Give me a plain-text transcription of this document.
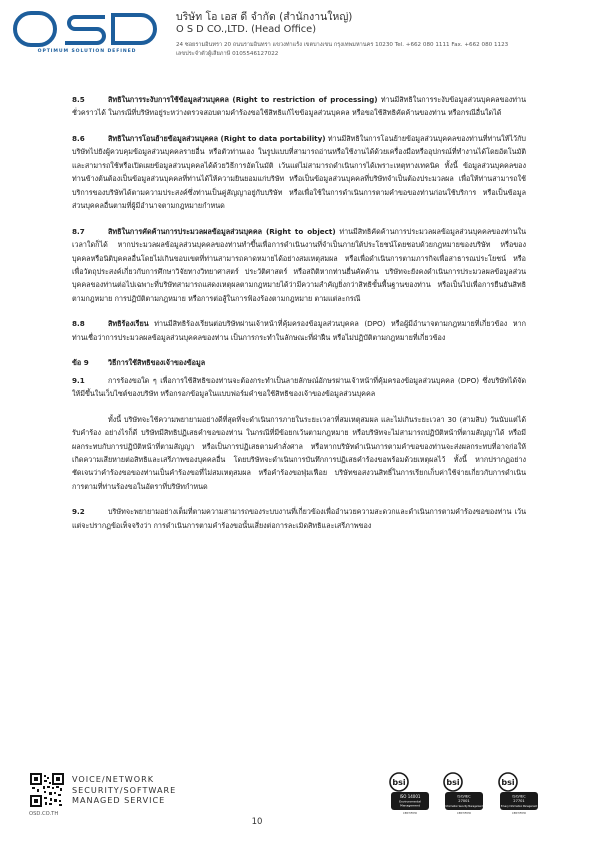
OPTIMUM SOLUTION DEFINED
บริษัท โอ เอส ดี จำกัด (สำนักงานใหญ่)
O S D CO.,LTD. (Head Office)
24 ซอยรามอินทรา 20 ถนนรามอินทรา แขวงท่าแร้ง เขตบางเขน กรุงเทพมหานคร 10230 Tel. +662 080 1111 Fax. +662 080 1123
เลขประจำตัวผู้เสียภาษี 0105546127022

8.5	สิทธิในการระงับการใช้ข้อมูลส่วนบุคคล (Right to restriction of processing) ท่านมีสิทธิในการระงับข้อมูลส่วนบุคคลของท่านชั่วคราวได้ ในกรณีที่บริษัทอยู่ระหว่างตรวจสอบตามคำร้องขอใช้สิทธิแก้ไขข้อมูลส่วนบุคคล หรือขอใช้สิทธิคัดค้านของท่าน หรือกรณีอื่นใดได้

8.6	สิทธิในการโอนย้ายข้อมูลส่วนบุคคล (Right to data portability) ท่านมีสิทธิในการโอนย้ายข้อมูลส่วนบุคคลของท่านที่ท่านให้ไว้กับบริษัทไปยังผู้ควบคุมข้อมูลส่วนบุคคลรายอื่น หรือตัวท่านเอง ในรูปแบบที่สามารถอ่านหรือใช้งานได้ด้วยเครื่องมือหรืออุปกรณ์ที่ทำงานได้โดยอัตโนมัติ และสามารถใช้หรือเปิดเผยข้อมูลส่วนบุคคลได้ด้วยวิธีการอัตโนมัติ เว้นแต่ไม่สามารถดำเนินการได้เพราะเหตุทางเทคนิค ทั้งนี้ ข้อมูลส่วนบุคคลของท่านข้างต้นต้องเป็นข้อมูลส่วนบุคคลที่ท่านได้ให้ความยินยอมแก่บริษัท หรือเป็นข้อมูลส่วนบุคคลที่บริษัทจำเป็นต้องประมวลผล เพื่อให้ท่านสามารถใช้บริการของบริษัทได้ตามความประสงค์ซึ่งท่านเป็นคู่สัญญาอยู่กับบริษัท หรือเพื่อใช้ในการดำเนินการตามคำขอของท่านก่อนใช้บริการ หรือเป็นข้อมูลส่วนบุคคลอื่นตามที่ผู้มีอำนาจตามกฎหมายกำหนด

8.7	สิทธิในการคัดค้านการประมวลผลข้อมูลส่วนบุคคล (Right to object) ท่านมีสิทธิคัดค้านการประมวลผลข้อมูลส่วนบุคคลของท่านในเวลาใดก็ได้ หากประมวลผลข้อมูลส่วนบุคคลของท่านทำขึ้นเพื่อการดำเนินงานที่จำเป็นภายใต้ประโยชน์โดยชอบด้วยกฎหมายของบริษัท หรือของบุคคลหรือนิติบุคคลอื่นโดยไม่เกินขอบเขตที่ท่านสามารถคาดหมายได้อย่างสมเหตุสมผล หรือเพื่อดำเนินการตามภารกิจเพื่อสาธารณประโยชน์ หรือเพื่อวัตถุประสงค์เกี่ยวกับการศึกษาวิจัยทางวิทยาศาสตร์ ประวัติศาสตร์ หรือสถิติหากท่านยื่นคัดค้าน บริษัทจะยังคงดำเนินการประมวลผลข้อมูลส่วนบุคคลของท่านต่อไปเฉพาะที่บริษัทสามารถแสดงเหตุผลตามกฎหมายได้ว่ามีความสำคัญยิ่งกว่าสิทธิขั้นพื้นฐานของท่าน หรือเป็นไปเพื่อการยืนยันสิทธิตามกฎหมาย การปฏิบัติตามกฎหมาย หรือการต่อสู้ในการฟ้องร้องตามกฎหมาย ตามแต่ละกรณี

8.8	สิทธิร้องเรียน ท่านมีสิทธิร้องเรียนต่อบริษัทผ่านเจ้าหน้าที่คุ้มครองข้อมูลส่วนบุคคล (DPO) หรือผู้มีอำนาจตามกฎหมายที่เกี่ยวข้อง หากท่านเชื่อว่าการประมวลผลข้อมูลส่วนบุคคลของท่าน เป็นการกระทำในลักษณะที่ฝ่าฝืน หรือไม่ปฏิบัติตามกฎหมายที่เกี่ยวข้อง

ข้อ 9	วิธีการใช้สิทธิของเจ้าของข้อมูล

9.1	การร้องขอใด ๆ เพื่อการใช้สิทธิของท่านจะต้องกระทำเป็นลายลักษณ์อักษรผ่านเจ้าหน้าที่คุ้มครองข้อมูลส่วนบุคคล (DPO) ซึ่งบริษัทได้จัดให้มีขึ้นในเว็บไซต์ของบริษัท หรือกรอกข้อมูลในแบบฟอร์มคำขอใช้สิทธิของเจ้าของข้อมูลส่วนบุคคล

ทั้งนี้ บริษัทจะใช้ความพยายามอย่างดีที่สุดที่จะดำเนินการภายในระยะเวลาที่สมเหตุสมผล และไม่เกินระยะเวลา 30 (สามสิบ) วันนับแต่ได้รับคำร้อง อย่างไรก็ดี บริษัทมีสิทธิปฏิเสธคำขอของท่าน ในกรณีที่มีข้อยกเว้นตามกฎหมาย หรือบริษัทจะไม่สามารถปฏิบัติหน้าที่ตามสัญญาได้ หรือมีผลกระทบกับการปฏิบัติหน้าที่ตามสัญญา หรือเป็นการปฏิเสธตามคำสั่งศาล หรือหากบริษัทดำเนินการตามคำขอของท่านจะส่งผลกระทบที่อาจก่อให้เกิดความเสียหายต่อสิทธิและเสรีภาพของบุคคลอื่น โดยบริษัทจะดำเนินการบันทึกการปฏิเสธคำร้องขอพร้อมด้วยเหตุผลไว้ ทั้งนี้ หากปรากฏอย่างชัดเจนว่าคำร้องขอของท่านเป็นคำร้องขอที่ไม่สมเหตุสมผล หรือคำร้องขอฟุ่มเฟือย บริษัทขอสงวนสิทธิ์ในการเรียกเก็บค่าใช้จ่ายเกี่ยวกับการดำเนินการตามที่ท่านร้องขอในอัตราที่บริษัทกำหนด

9.2	บริษัทจะพยายามอย่างเต็มที่ตามความสามารถของระบบงานที่เกี่ยวข้องเพื่ออำนวยความสะดวกและดำเนินการตามคำร้องขอของท่าน เว้นแต่จะปรากฏข้อเท็จจริงว่า การดำเนินการตามคำร้องขอนั้นเสี่ยงต่อการละเมิดสิทธิและเสรีภาพของ

OSD.CO.TH
VOICE/NETWORK
SECURITY/SOFTWARE
MANAGED SERVICE
10
bsi
ISO 14001
Environmental
Management
CERTIFIED
bsi
ISO/IEC
27001
Information Security Management
CERTIFIED
bsi
ISO/IEC
27701
Privacy Information Management
CERTIFIED
